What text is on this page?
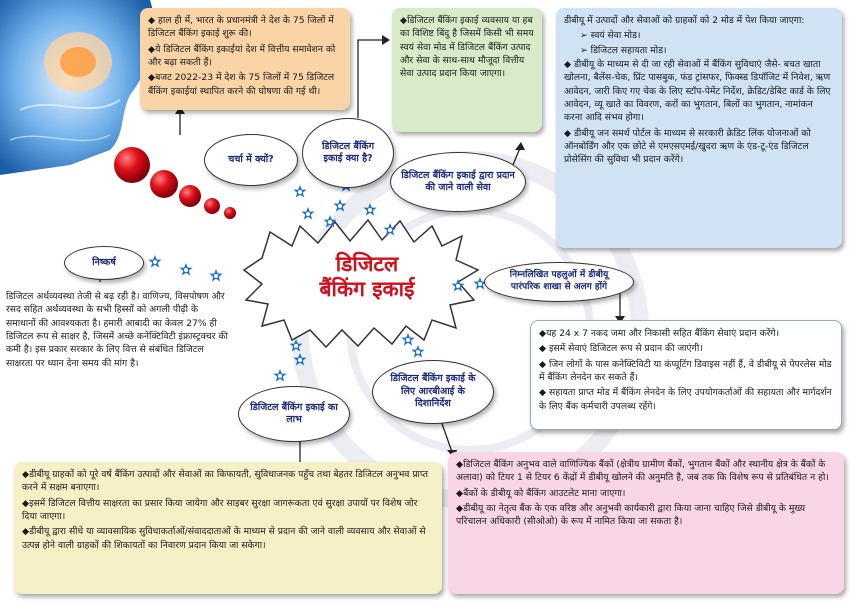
डिजिटल
बैंकिंग इकाई
चर्चा में क्यों?
डिजिटल बैंकिंग इकाई क्या है?
डिजिटल बैंकिंग इकाई द्वारा प्रदान की जाने वाली सेवा
निष्कर्ष
निम्नलिखित पहलुओं में डीबीयू पारंपरिक शाखा से अलग होंगे
डिजिटल बैंकिंग इकाई के लिए आरबीआई के दिशानिर्देश
डिजिटल बैंकिंग इकाई का लाभ

◆ हाल ही में, भारत के प्रधानमंत्री ने देश के 75 जिलों में डिजिटल बैंकिंग इकाई शुरू की।

◆ये डिजिटल बैंकिंग इकाईयां देश में वित्तीय समावेशन को और बढ़ा सकती हैं।

◆बजट 2022-23 में देश के 75 जिलों में 75 डिजिटल बैंकिंग इकाईयां स्थापित करने की घोषणा की गई थी।

◆डिजिटल बैंकिंग इकाई व्यवसाय या हब का विशिष्ट बिंदु है जिसमें किसी भी समय स्वयं सेवा मोड में डिजिटल बैंकिंग उत्पाद और सेवा के साथ-साथ मौजूदा वित्तीय सेवा उत्पाद प्रदान किया जाएगा।

डीबीयू में उत्पादों और सेवाओं को ग्राहकों को 2 मोड में पेश किया जाएगा:

➢ स्वयं सेवा मोड।

➢ डिजिटल सहायता मोड।

◆ डीबीयू के माध्यम से दी जा रही सेवाओं में बैंकिंग सुविधाएं जैसे- बचत खाता खोलना, बैलेंस-चेक, प्रिंट पासबुक, फंड ट्रांसफर, फिक्स्ड डिपॉजिट में निवेश, ऋण आवेदन, जारी किए गए चेक के लिए स्टॉप-पेमेंट निर्देश, क्रेडिट/डेबिट कार्ड के लिए आवेदन, व्यू खाते का विवरण, करों का भुगतान, बिलों का भुगतान, नामांकन करना आदि संभव होगा।

◆ डीबीयू जन समर्थ पोर्टल के माध्यम से सरकारी क्रेडिट लिंक योजनाओं को ऑनबोर्डिंग और एक छोटे से एमएसएमई/खुदरा ऋण के एंड-टू-एंड डिजिटल प्रोसेसिंग की सुविधा भी प्रदान करेंगे।

डिजिटल अर्थव्यवस्था तेजी से बढ़ रही है। वाणिज्य, विसपोषण और रसद सहित अर्थव्यवस्था के सभी हिस्सों को अगली पीढ़ी के समाधानों की आवश्यकता है। हमारी आबादी का केवल 27% ही डिजिटल रूप से साक्षर है, जिसमें अच्छे कनेक्टिविटी इंफ्रास्ट्रक्चर की कमी है। इस प्रकार सरकार के लिए वित्त से संबंधित डिजिटल साक्षरता पर ध्यान देना समय की मांग है।

◆यह 24 x 7 नकद जमा और निकासी सहित बैंकिंग सेवाएं प्रदान करेंगे।

◆ इसमें सेवाएं डिजिटल रूप से प्रदान की जाएंगी।

◆ जिन लोगों के पास कनेक्टिविटी या कंप्यूटिंग डिवाइस नहीं हैं, वे डीबीयू से पेपरलेस मोड में बैंकिंग लेनदेन कर सकते हैं।

◆ सहायता प्राप्त मोड में बैंकिंग लेनदेन के लिए उपयोगकर्ताओं की सहायता और मार्गदर्शन के लिए बैंक कर्मचारी उपलब्ध रहेंगे।

◆डीबीयू ग्राहकों को पूरे वर्ष बैंकिंग उत्पादों और सेवाओं का किफायती, सुविधाजनक पहुँच तथा बेहतर डिजिटल अनुभव प्राप्त करने में सक्षम बनाएगा।

◆इसमें डिजिटल वित्तीय साक्षरता का प्रसार किया जायेगा और साइबर सुरक्षा जागरूकता एवं सुरक्षा उपायों पर विशेष जोर दिया जाएगा।

◆डीबीयू द्वारा सीधे या व्यावसायिक सुविधाकर्ताओं/संवाददाताओं के माध्यम से प्रदान की जाने वाली व्यवसाय और सेवाओं से उत्पन्न होने वाली ग्राहकों की शिकायतों का निवारण प्रदान किया जा सकेगा।

◆डिजिटल बैंकिंग अनुभव वाले वाणिज्यिक बैंकों (क्षेत्रीय ग्रामीण बैंकों, भुगतान बैंकों और स्थानीय क्षेत्र के बैंकों के अलावा) को टियर 1 से टियर 6 केंद्रों में डीबीयू खोलने की अनुमति है, जब तक कि विशेष रूप से प्रतिबंधित न हो।

◆बैंकों के डीबीयू को बैंकिंग आउटलेट माना जाएगा।

◆डीबीयू का नेतृत्व बैंक के एक वरिष्ठ और अनुभवी कार्यकारी द्वारा किया जाना चाहिए जिसे डीबीयू के मुख्य परिचालन अधिकारी (सीओओ) के रूप में नामित किया जा सकता है।
